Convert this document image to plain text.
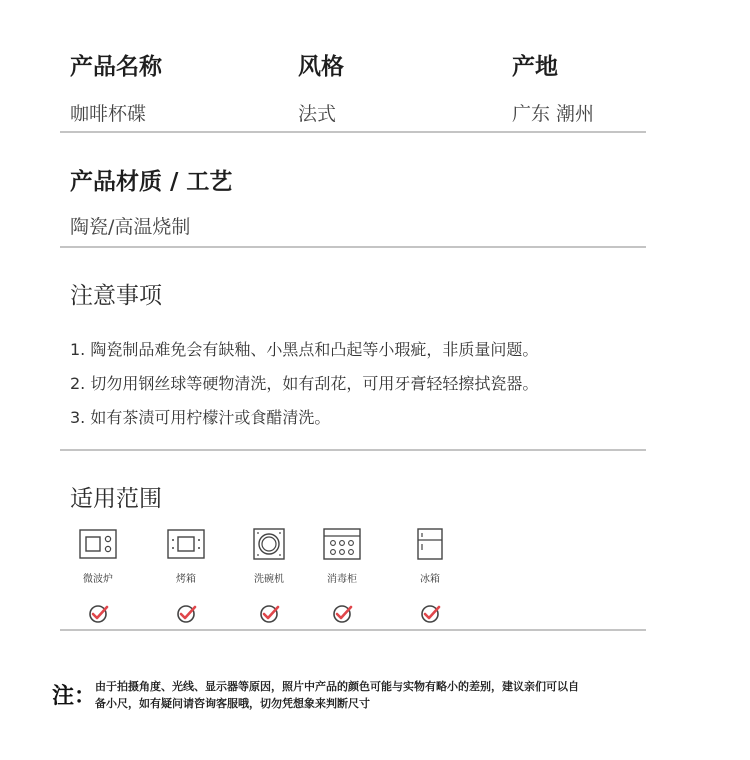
产品名称	风格	产地
咖啡杯碟	法式	广东 潮州
产品材质 / 工艺
陶瓷/高温烧制
注意事项
1. 陶瓷制品难免会有缺釉、小黑点和凸起等小瑕疵，非质量问题。
2. 切勿用钢丝球等硬物清洗，如有刮花，可用牙膏轻轻擦拭瓷器。
3. 如有茶渍可用柠檬汁或食醋清洗。
适用范围
微波炉	烤箱	洗碗机	消毒柜	冰箱
注：
由于拍摄角度、光线、显示器等原因，照片中产品的颜色可能与实物有略小的差别，建议亲们可以自
备小尺，如有疑问请咨询客服哦，切勿凭想象来判断尺寸
